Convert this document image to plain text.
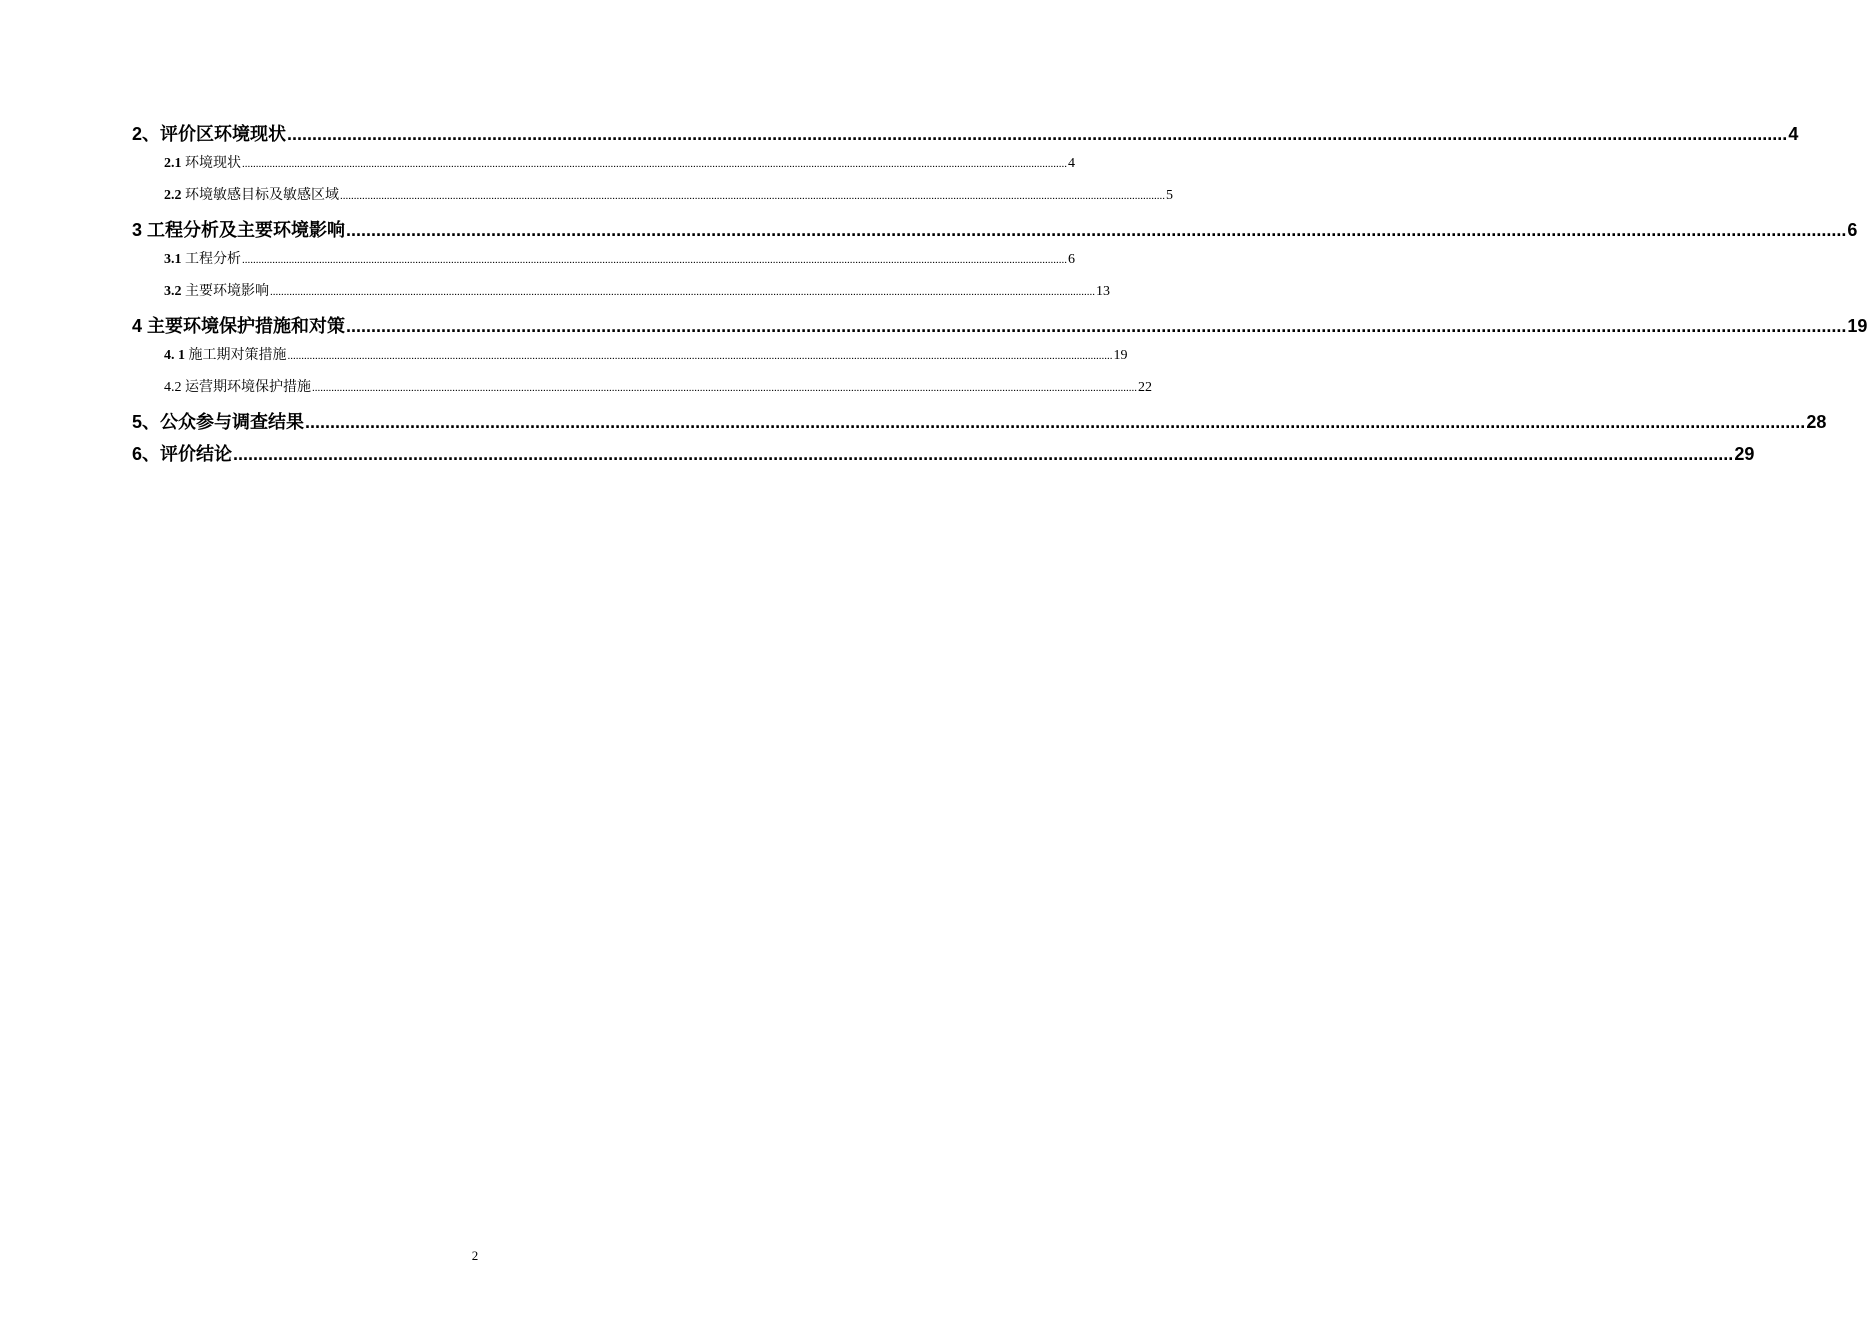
2、评价区环境现状 ............................................................................................................................................................................................................................................................................................................ 4
2.1 环境现状 ............................................................................................................................................................................................................................................................................................................ 4
2.2 环境敏感目标及敏感区域 ............................................................................................................................................................................................................................................................................................................ 5
3 工程分析及主要环境影响 ............................................................................................................................................................................................................................................................................................................ 6
3.1 工程分析 ............................................................................................................................................................................................................................................................................................................ 6
3.2 主要环境影响 ............................................................................................................................................................................................................................................................................................................ 13
4 主要环境保护措施和对策 ............................................................................................................................................................................................................................................................................................................ 19
4. 1 施工期对策措施 ............................................................................................................................................................................................................................................................................................................ 19
4.2 运营期环境保护措施 ............................................................................................................................................................................................................................................................................................................ 22
5、公众参与调查结果 ............................................................................................................................................................................................................................................................................................................ 28
6、评价结论 ............................................................................................................................................................................................................................................................................................................ 29
2
